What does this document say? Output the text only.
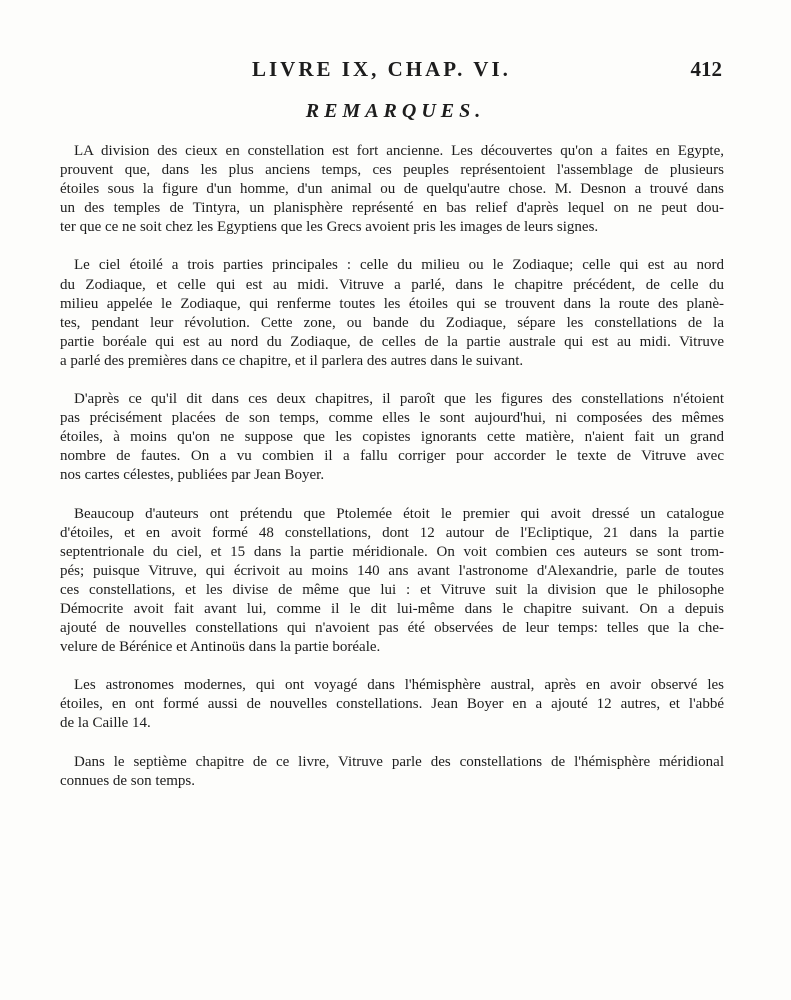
LIVRE IX, CHAP. VI.	412
REMARQUES.
LA division des cieux en constellation est fort ancienne. Les découvertes qu'on a faites en Egypte,
prouvent que, dans les plus anciens temps, ces peuples représentoient l'assemblage de plusieurs
étoiles sous la figure d'un homme, d'un animal ou de quelqu'autre chose. M. Desnon a trouvé dans
un des temples de Tintyra, un planisphère représenté en bas relief d'après lequel on ne peut dou-
ter que ce ne soit chez les Egyptiens que les Grecs avoient pris les images de leurs signes.
Le ciel étoilé a trois parties principales : celle du milieu ou le Zodiaque; celle qui est au nord
du Zodiaque, et celle qui est au midi. Vitruve a parlé, dans le chapitre précédent, de celle du
milieu appelée le Zodiaque, qui renferme toutes les étoiles qui se trouvent dans la route des planè-
tes, pendant leur révolution. Cette zone, ou bande du Zodiaque, sépare les constellations de la
partie boréale qui est au nord du Zodiaque, de celles de la partie australe qui est au midi. Vitruve
a parlé des premières dans ce chapitre, et il parlera des autres dans le suivant.
D'après ce qu'il dit dans ces deux chapitres, il paroît que les figures des constellations n'étoient
pas précisément placées de son temps, comme elles le sont aujourd'hui, ni composées des mêmes
étoiles, à moins qu'on ne suppose que les copistes ignorants cette matière, n'aient fait un grand
nombre de fautes. On a vu combien il a fallu corriger pour accorder le texte de Vitruve avec
nos cartes célestes, publiées par Jean Boyer.
Beaucoup d'auteurs ont prétendu que Ptolemée étoit le premier qui avoit dressé un catalogue
d'étoiles, et en avoit formé 48 constellations, dont 12 autour de l'Ecliptique, 21 dans la partie
septentrionale du ciel, et 15 dans la partie méridionale. On voit combien ces auteurs se sont trom-
pés; puisque Vitruve, qui écrivoit au moins 140 ans avant l'astronome d'Alexandrie, parle de toutes
ces constellations, et les divise de même que lui : et Vitruve suit la division que le philosophe
Démocrite avoit fait avant lui, comme il le dit lui-même dans le chapitre suivant. On a depuis
ajouté de nouvelles constellations qui n'avoient pas été observées de leur temps: telles que la che-
velure de Bérénice et Antinoüs dans la partie boréale.
Les astronomes modernes, qui ont voyagé dans l'hémisphère austral, après en avoir observé les
étoiles, en ont formé aussi de nouvelles constellations. Jean Boyer en a ajouté 12 autres, et l'abbé
de la Caille 14.
Dans le septième chapitre de ce livre, Vitruve parle des constellations de l'hémisphère méridional
connues de son temps.
